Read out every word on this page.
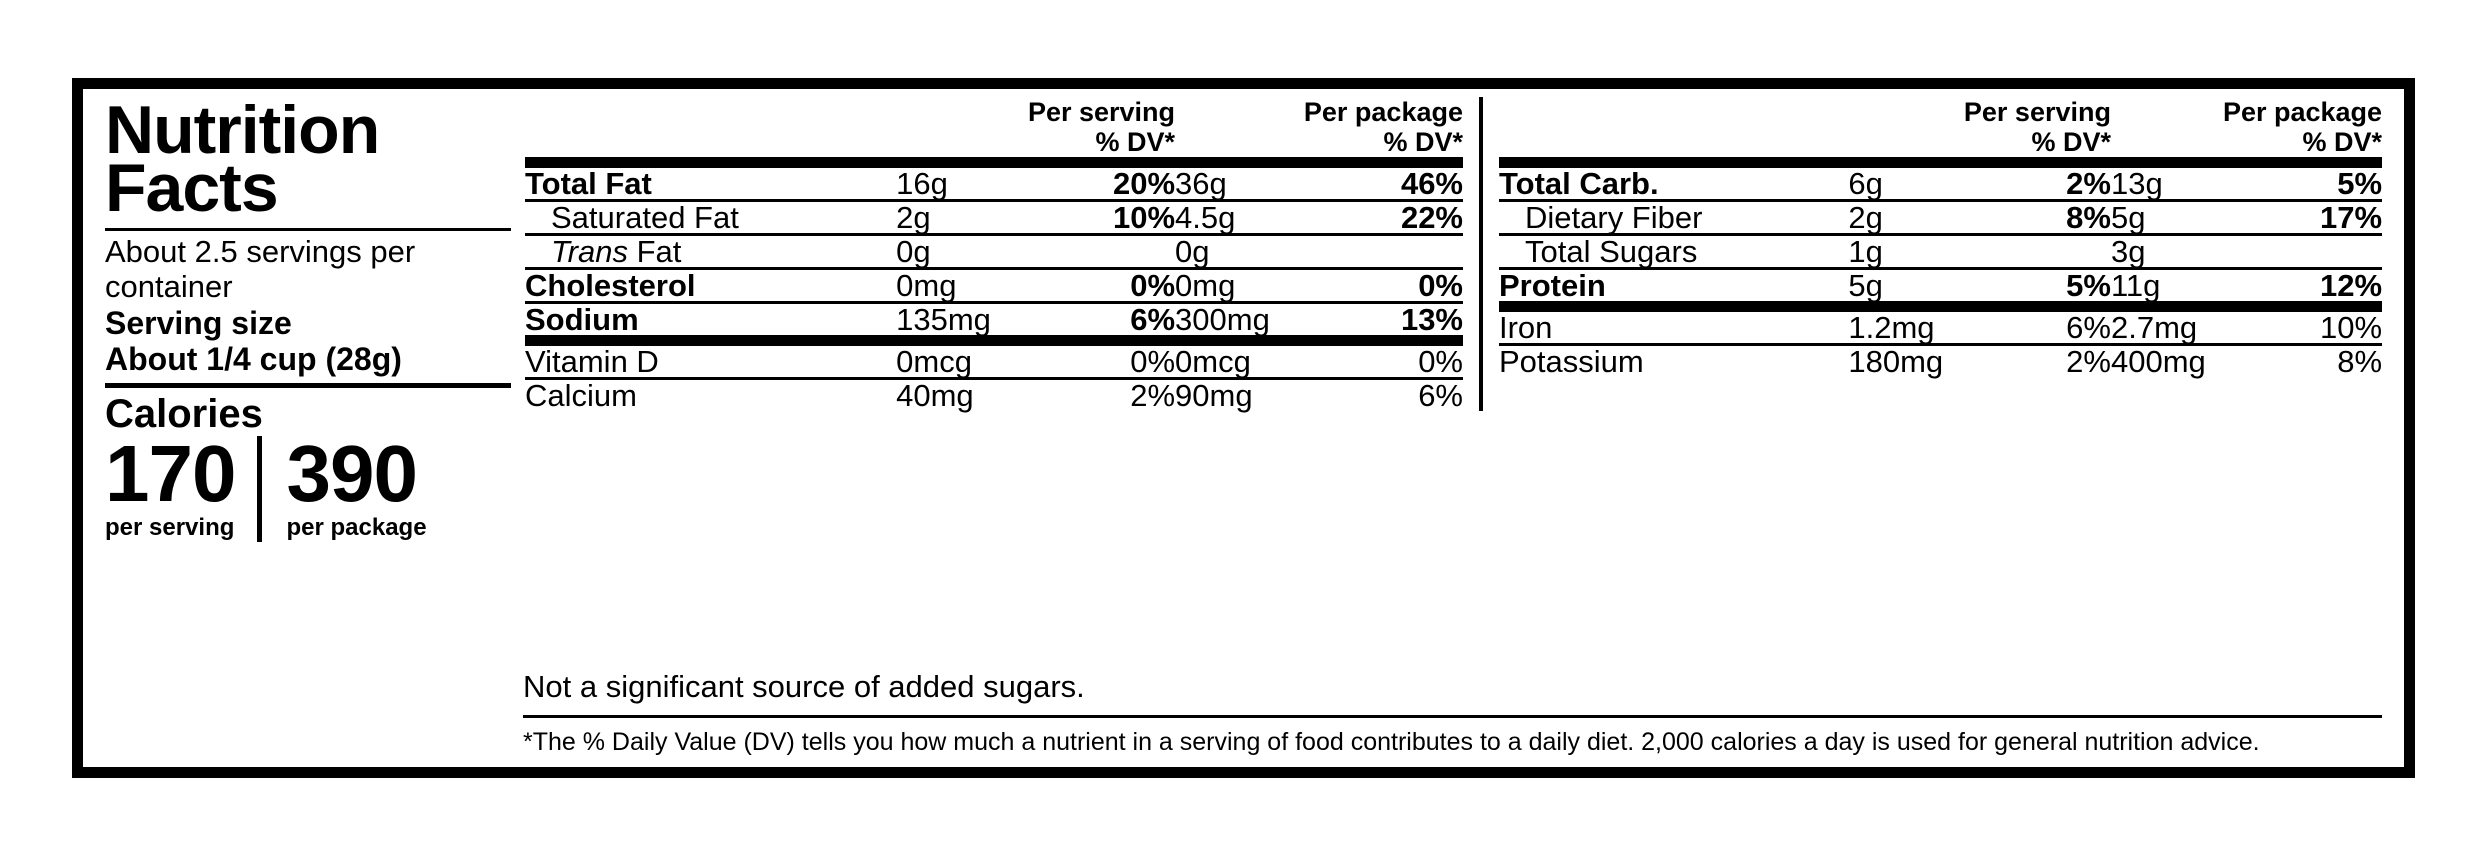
Nutrition
Facts
About 2.5 servings per container
Serving size
About 1/4 cup (28g)
Calories
170
per serving
390
per package
	Per serving
% DV*		Per package
% DV*	

Total Fat	16g	20%	36g	46%
Saturated Fat	2g	10%	4.5g	22%
Trans Fat	0g		0g	
Cholesterol	0mg	0%	0mg	0%
Sodium	135mg	6%	300mg	13%
Vitamin D	0mcg	0%	0mcg	0%
Calcium	40mg	2%	90mg	6%
	Per serving
% DV*		Per package
% DV*	

Total Carb.	6g	2%	13g	5%
Dietary Fiber	2g	8%	5g	17%
Total Sugars	1g		3g	
Protein	5g	5%	11g	12%
Iron	1.2mg	6%	2.7mg	10%
Potassium	180mg	2%	400mg	8%
Not a significant source of added sugars.
*The % Daily Value (DV) tells you how much a nutrient in a serving of food contributes to a daily diet. 2,000 calories a day is used for general nutrition advice.
